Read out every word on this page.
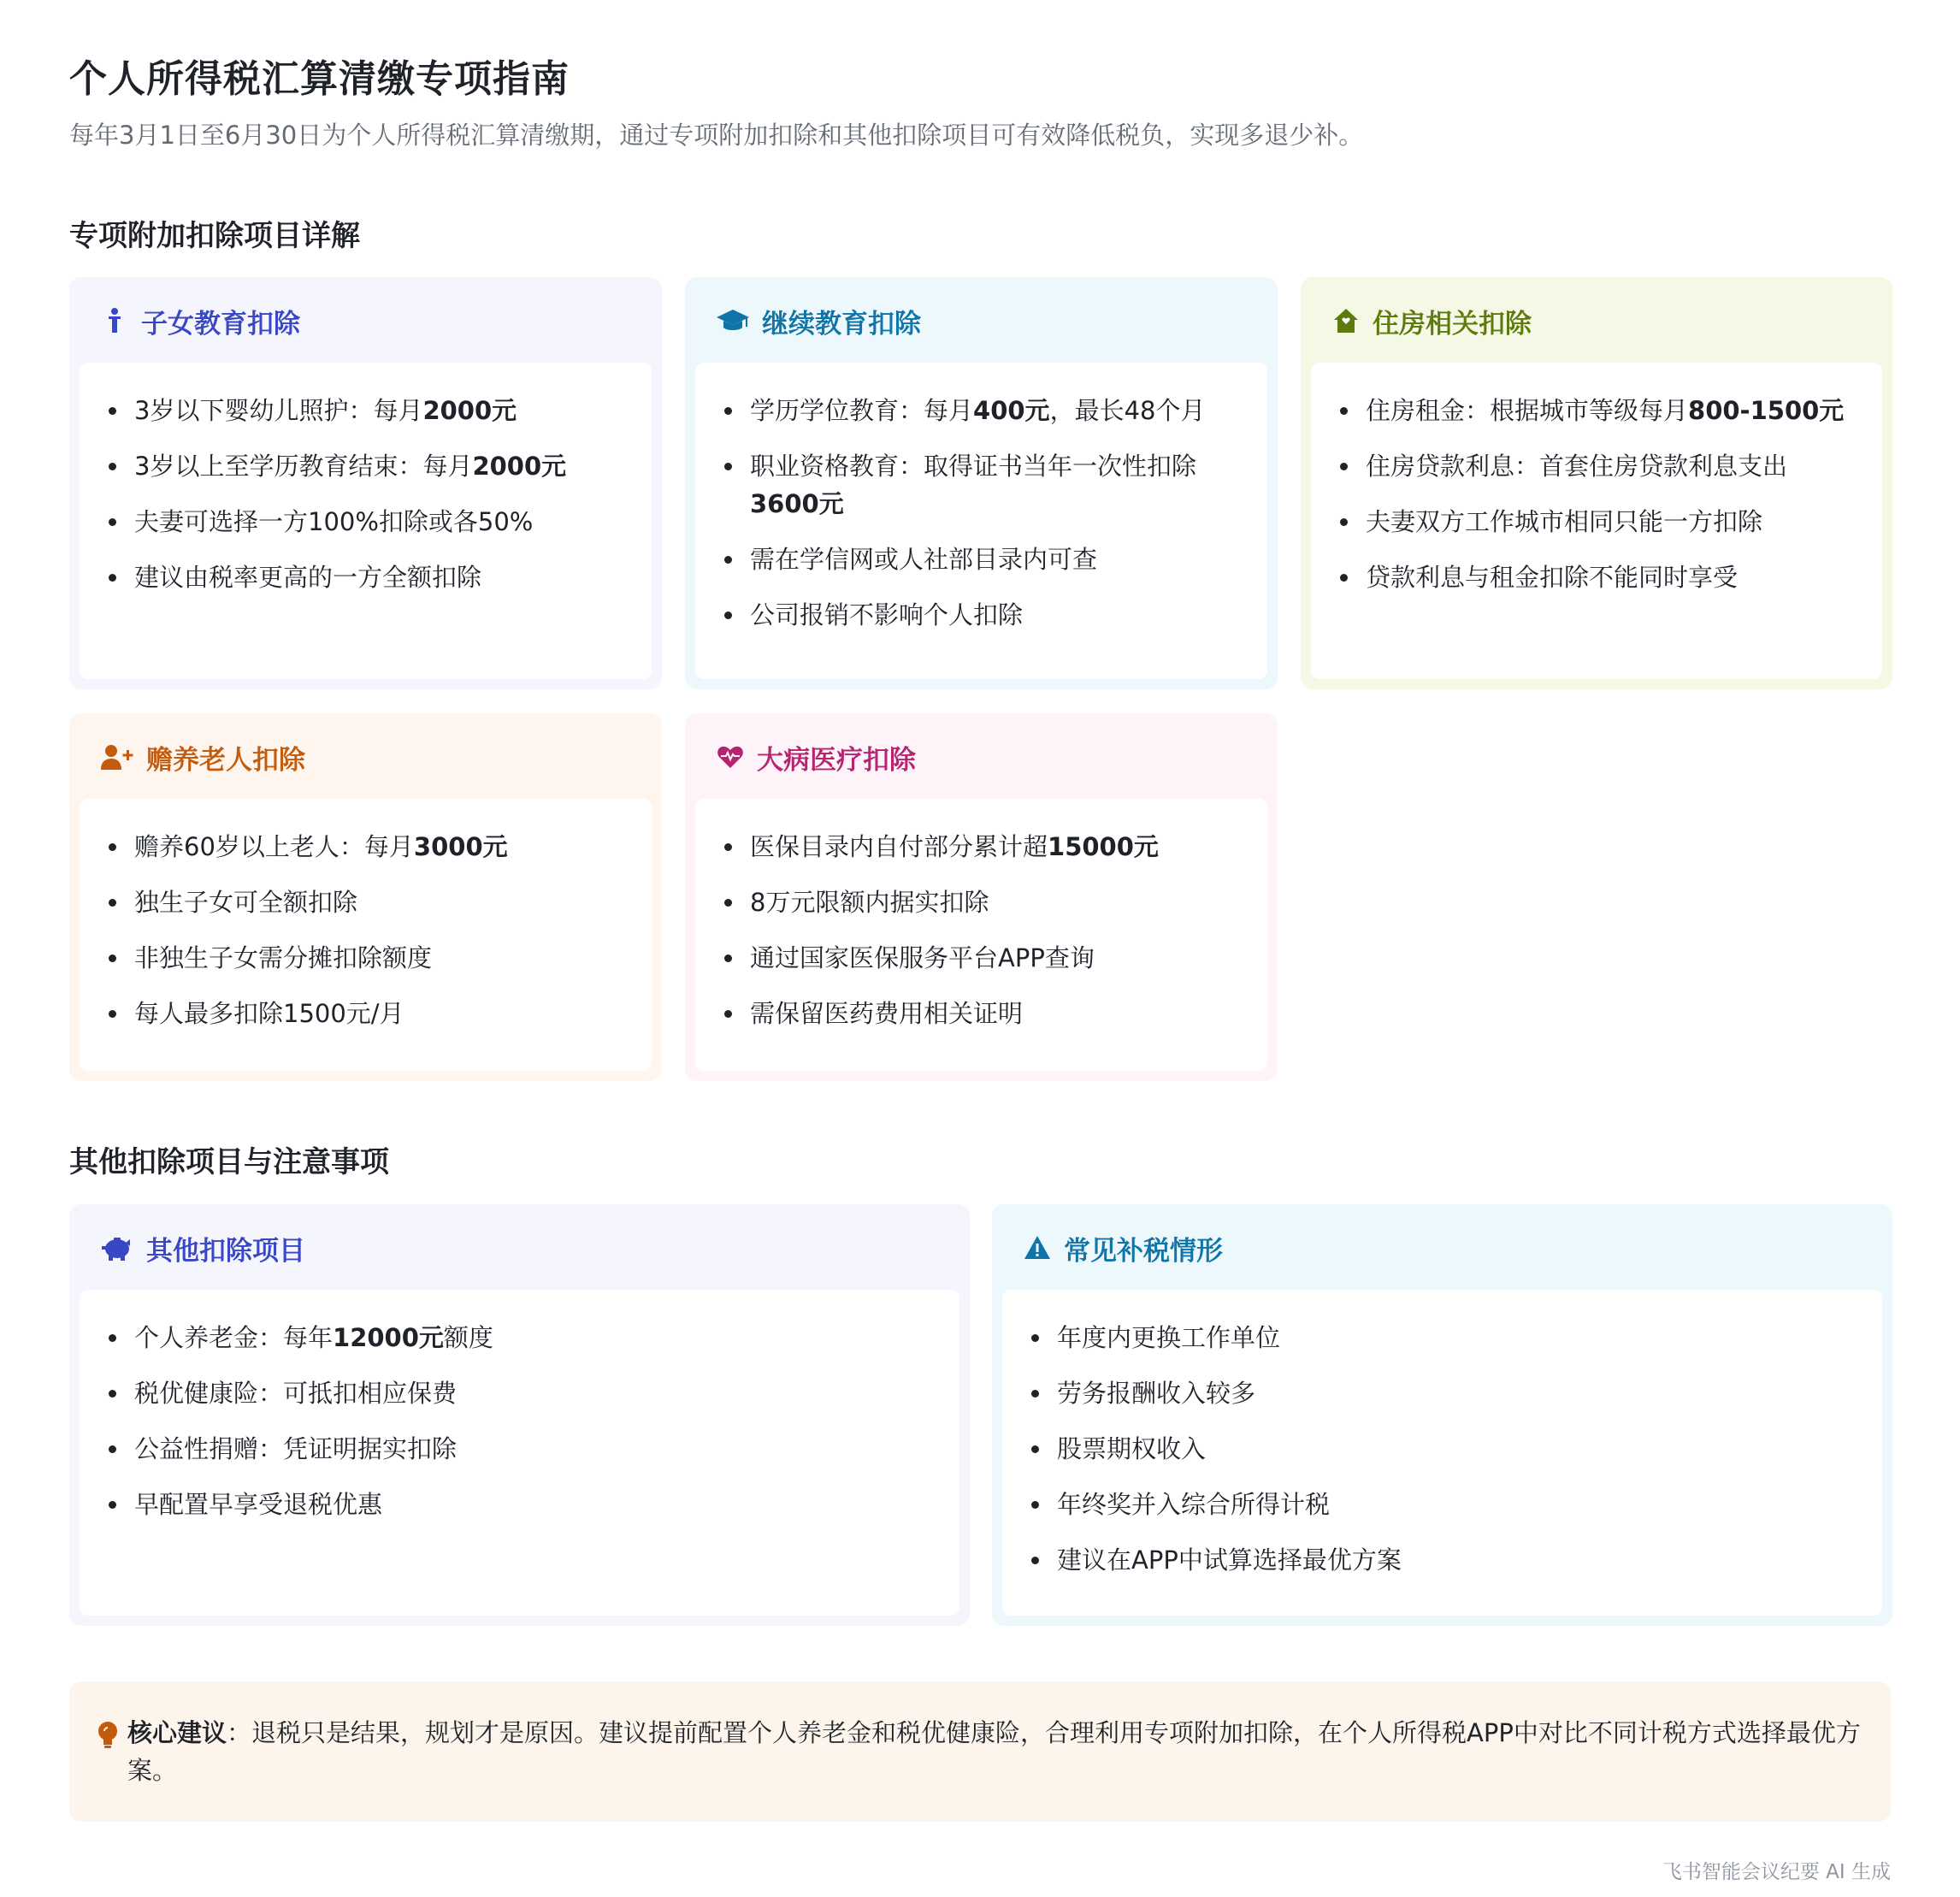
个人所得税汇算清缴专项指南
每年3月1日至6月30日为个人所得税汇算清缴期，通过专项附加扣除和其他扣除项目可有效降低税负，实现多退少补。
专项附加扣除项目详解
子女教育扣除
3岁以下婴幼儿照护：每月2000元
3岁以上至学历教育结束：每月2000元
夫妻可选择一方100%扣除或各50%
建议由税率更高的一方全额扣除
继续教育扣除
学历学位教育：每月400元，最长48个月
职业资格教育：取得证书当年一次性扣除
3600元
需在学信网或人社部目录内可查
公司报销不影响个人扣除
住房相关扣除
住房租金：根据城市等级每月800-1500元
住房贷款利息：首套住房贷款利息支出
夫妻双方工作城市相同只能一方扣除
贷款利息与租金扣除不能同时享受
赡养老人扣除
赡养60岁以上老人：每月3000元
独生子女可全额扣除
非独生子女需分摊扣除额度
每人最多扣除1500元/月
大病医疗扣除
医保目录内自付部分累计超15000元
8万元限额内据实扣除
通过国家医保服务平台APP查询
需保留医药费用相关证明
其他扣除项目与注意事项
其他扣除项目
个人养老金：每年12000元额度
税优健康险：可抵扣相应保费
公益性捐赠：凭证明据实扣除
早配置早享受退税优惠
常见补税情形
年度内更换工作单位
劳务报酬收入较多
股票期权收入
年终奖并入综合所得计税
建议在APP中试算选择最优方案
核心建议：退税只是结果，规划才是原因。建议提前配置个人养老金和税优健康险，合理利用专项附加扣除，在个人所得税APP中对比不同计税方式选择最优方案。
飞书智能会议纪要 AI 生成
